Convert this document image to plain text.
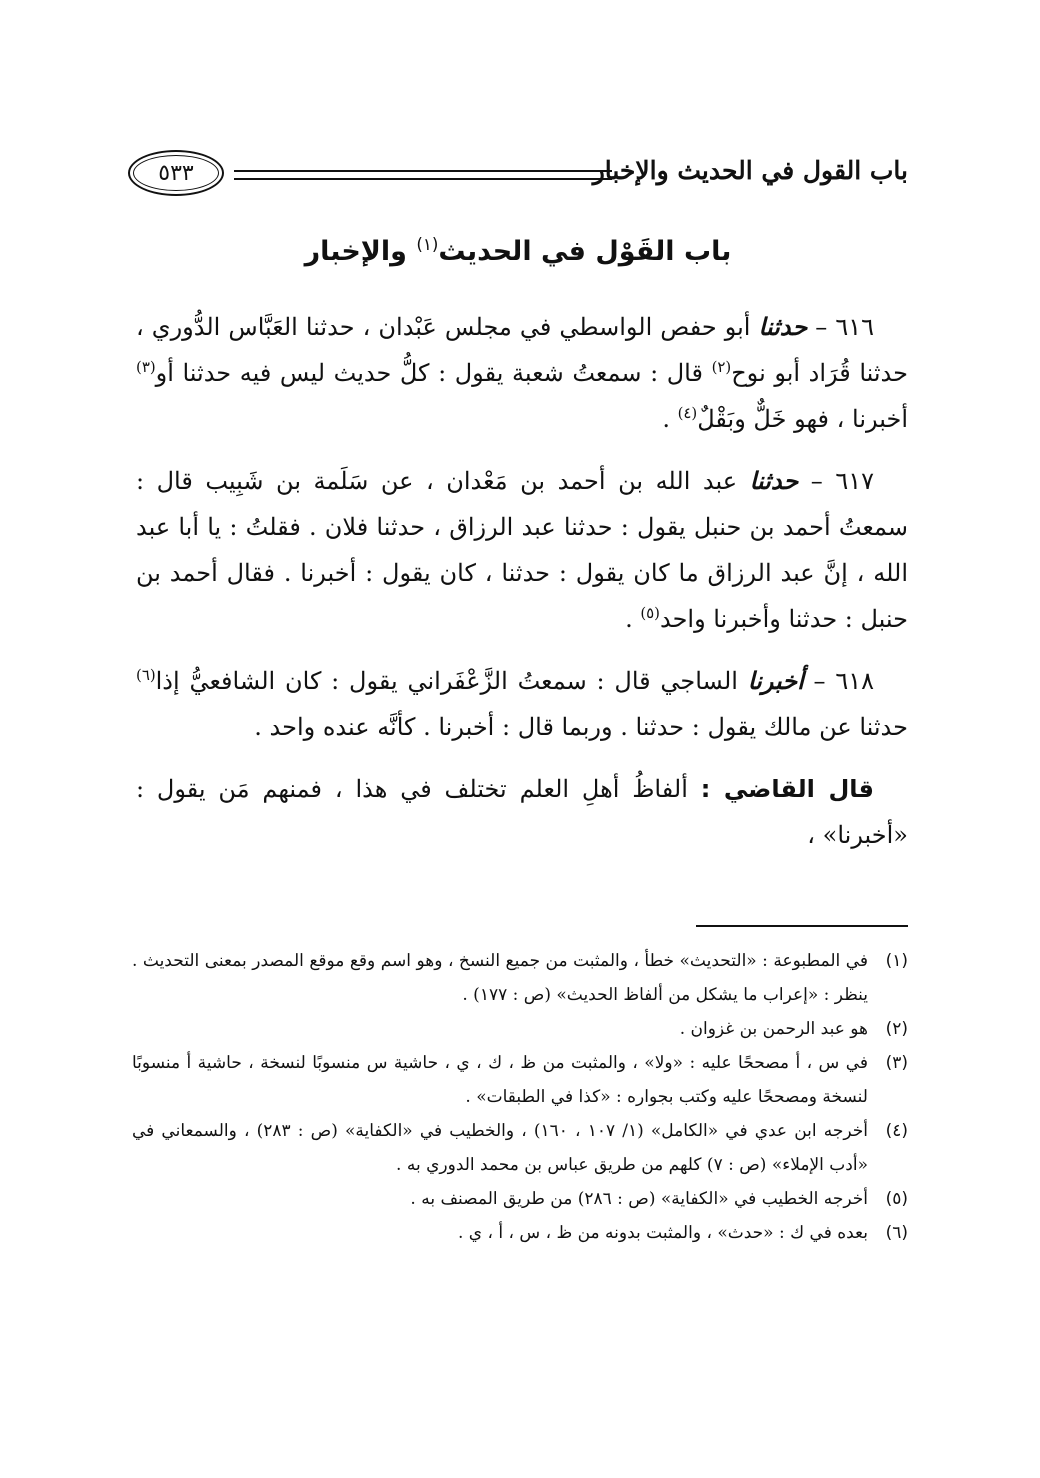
باب القول في الحديث والإخبار
٥٣٣
باب القَوْل في الحديث$^{(١)}$ والإخبار

٦١٦ – حدثنا أبو حفص الواسطي في مجلس عَبْدان ، حدثنا العَبَّاس الدُّوري ، حدثنا قُرَاد أبو نوح$^{(٢)}$ قال : سمعتُ شعبة يقول : كلُّ حديث ليس فيه حدثنا أو$^{(٣)}$ أخبرنا ، فهو خَلٌّ وبَقْلٌ$^{(٤)}$ .

٦١٧ – حدثنا عبد الله بن أحمد بن مَعْدان ، عن سَلَمة بن شَبِيب قال : سمعتُ أحمد بن حنبل يقول : حدثنا عبد الرزاق ، حدثنا فلان . فقلتُ : يا أبا عبد الله ، إنَّ عبد الرزاق ما كان يقول : حدثنا ، كان يقول : أخبرنا . فقال أحمد بن حنبل : حدثنا وأخبرنا واحد$^{(٥)}$ .

٦١٨ – أخبرنا الساجي قال : سمعتُ الزَّعْفَراني يقول : كان الشافعيُّ إذا$^{(٦)}$ حدثنا عن مالك يقول : حدثنا . وربما قال : أخبرنا . كأنَّه عنده واحد .

قال القاضي : ألفاظُ أهلِ العلم تختلف في هذا ، فمنهم مَن يقول : «أخبرنا» ،

(١)في المطبوعة : «التحديث» خطأ ، والمثبت من جميع النسخ ، وهو اسم وقع موقع المصدر بمعنى التحديث . ينظر : «إعراب ما يشكل من ألفاظ الحديث» (ص : ١٧٧) .

(٢)هو عبد الرحمن بن غزوان .

(٣)في س ، أ مصححًا عليه : «ولا» ، والمثبت من ظ ، ك ، ي ، حاشية س منسوبًا لنسخة ، حاشية أ منسوبًا لنسخة ومصححًا عليه وكتب بجواره : «كذا في الطبقات» .

(٤)أخرجه ابن عدي في «الكامل» (١/ ١٠٧ ، ١٦٠) ، والخطيب في «الكفاية» (ص : ٢٨٣) ، والسمعاني في «أدب الإملاء» (ص : ٧) كلهم من طريق عباس بن محمد الدوري به .

(٥)أخرجه الخطيب في «الكفاية» (ص : ٢٨٦) من طريق المصنف به .

(٦)بعده في ك : «حدث» ، والمثبت بدونه من ظ ، س ، أ ، ي .
